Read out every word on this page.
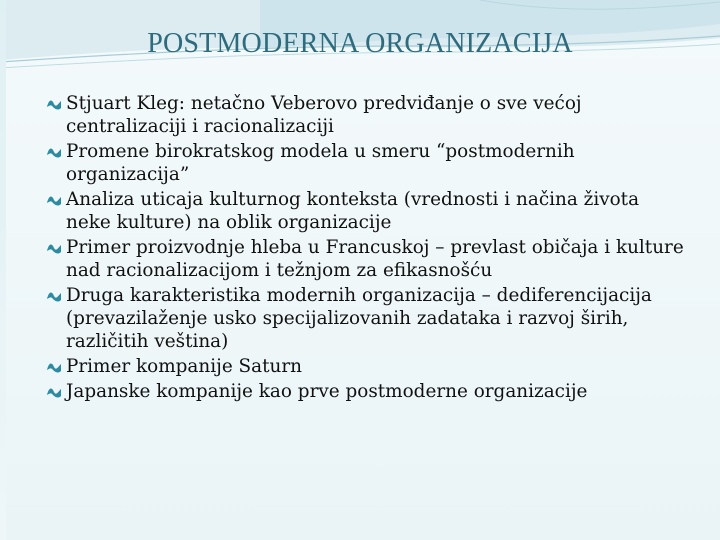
POSTMODERNA ORGANIZACIJA
Stjuart Kleg: netačno Veberovo predviđanje o sve većoj centralizaciji i racionalizaciji
Promene birokratskog modela u smeru “postmodernih organizacija”
Analiza uticaja kulturnog konteksta (vrednosti i načina života neke kulture) na oblik organizacije
Primer proizvodnje hleba u Francuskoj – prevlast običaja i kulture nad racionalizacijom i težnjom za efikasnošću
Druga karakteristika modernih organizacija – dediferencijacija (prevazilaženje usko specijalizovanih zadataka i razvoj širih, različitih veština)
Primer kompanije Saturn
Japanske kompanije kao prve postmoderne organizacije
